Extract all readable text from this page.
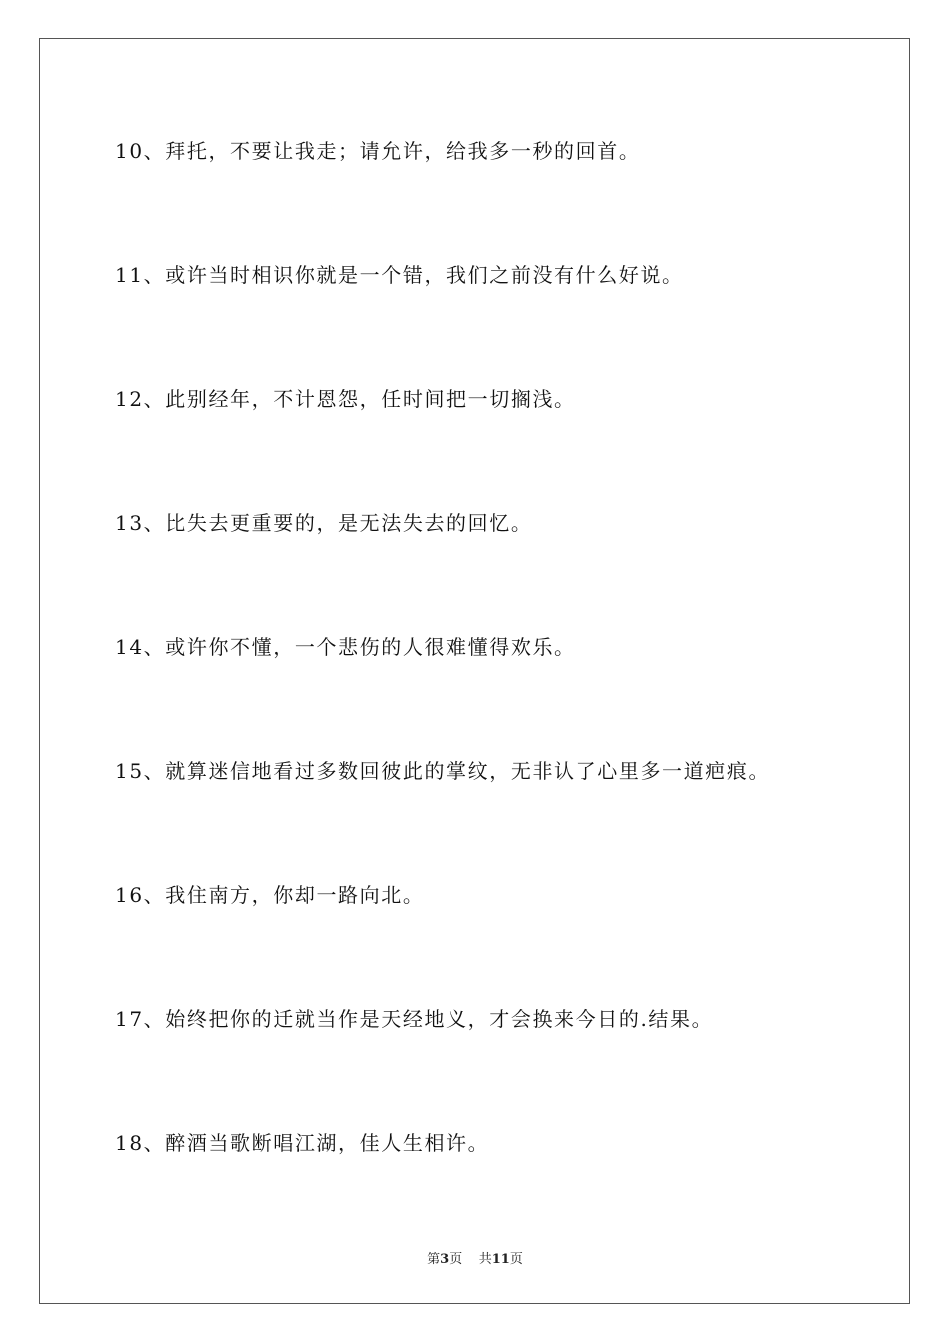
10、拜托，不要让我走；请允许，给我多一秒的回首。
11、或许当时相识你就是一个错，我们之前没有什么好说。
12、此别经年，不计恩怨，任时间把一切搁浅。
13、比失去更重要的，是无法失去的回忆。
14、或许你不懂，一个悲伤的人很难懂得欢乐。
15、就算迷信地看过多数回彼此的掌纹，无非认了心里多一道疤痕。
16、我住南方，你却一路向北。
17、始终把你的迁就当作是天经地义，才会换来今日的.结果。
18、醉酒当歌断唱江湖，佳人生相许。
第3页 共11页
